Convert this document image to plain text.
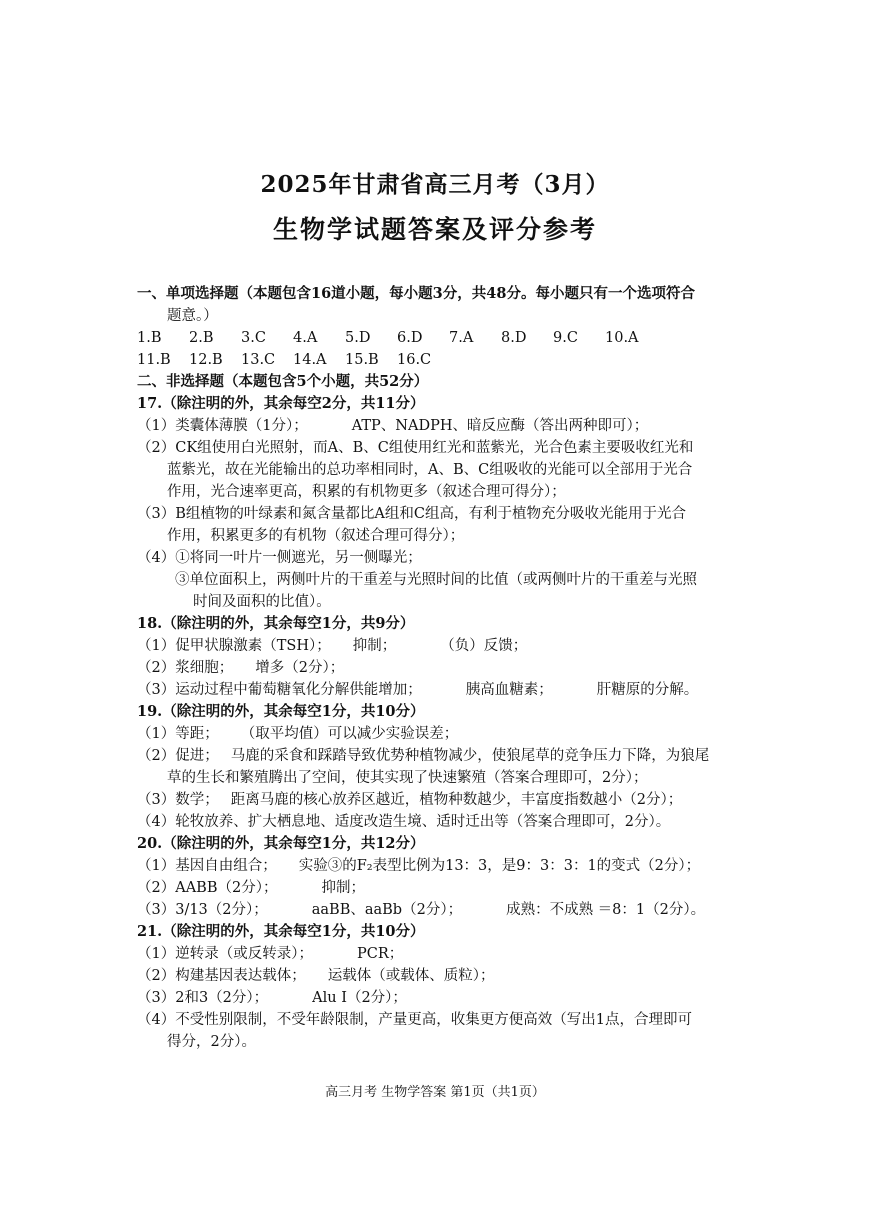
2025年甘肃省高三月考（3月）
生物学试题答案及评分参考
一、单项选择题（本题包含16道小题，每小题3分，共48分。每小题只有一个选项符合
题意。）
1.B	2.B	3.C	4.A	5.D	6.D	7.A	8.D	9.C	10.A
11.B	12.B	13.C	14.A	15.B	16.C
二、非选择题（本题包含5个小题，共52分）
17.（除注明的外，其余每空2分，共11分）
（1）类囊体薄膜（1分）；	ATP、NADPH、暗反应酶（答出两种即可）；
（2）CK组使用白光照射，而A、B、C组使用红光和蓝紫光，光合色素主要吸收红光和
蓝紫光，故在光能输出的总功率相同时，A、B、C组吸收的光能可以全部用于光合
作用，光合速率更高，积累的有机物更多（叙述合理可得分）；
（3）B组植物的叶绿素和氮含量都比A组和C组高，有利于植物充分吸收光能用于光合
作用，积累更多的有机物（叙述合理可得分）；
（4）①将同一叶片一侧遮光，另一侧曝光；
③单位面积上，两侧叶片的干重差与光照时间的比值（或两侧叶片的干重差与光照
时间及面积的比值）。
18.（除注明的外，其余每空1分，共9分）
（1）促甲状腺激素（TSH）； 抑制；	（负）反馈；
（2）浆细胞； 增多（2分）；
（3）运动过程中葡萄糖氧化分解供能增加；	胰高血糖素；	肝糖原的分解。
19.（除注明的外，其余每空1分，共10分）
（1）等距； （取平均值）可以减少实验误差；
（2）促进； 马鹿的采食和踩踏导致优势种植物减少，使狼尾草的竞争压力下降，为狼尾
草的生长和繁殖腾出了空间，使其实现了快速繁殖（答案合理即可，2分）；
（3）数学； 距离马鹿的核心放养区越近，植物种数越少，丰富度指数越小（2分）；
（4）轮牧放养、扩大栖息地、适度改造生境、适时迁出等（答案合理即可，2分）。
20.（除注明的外，其余每空1分，共12分）
（1）基因自由组合； 实验③的F₂表型比例为13：3，是9：3：3：1的变式（2分）；
（2）AABB（2分）；	抑制；
（3）3/13（2分）；	aaBB、aaBb（2分）；	成熟：不成熟 ＝8：1（2分）。
21.（除注明的外，其余每空1分，共10分）
（1）逆转录（或反转录）；	PCR；
（2）构建基因表达载体； 运载体（或载体、质粒）；
（3）2和3（2分）；	Alu I（2分）；
（4）不受性别限制，不受年龄限制，产量更高，收集更方便高效（写出1点，合理即可
得分，2分）。
高三月考 生物学答案 第1页（共1页）
